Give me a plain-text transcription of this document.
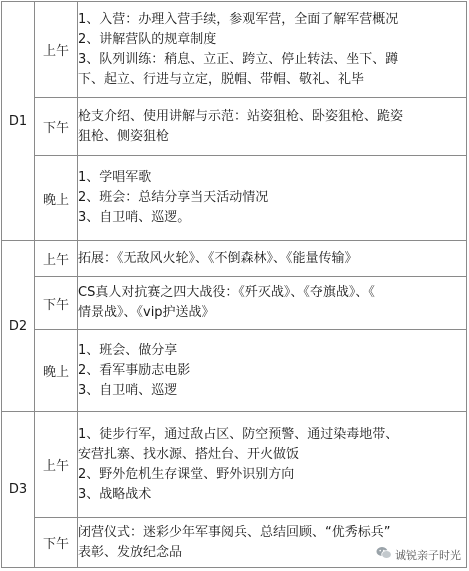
D1	上午	1、入营：办理入营手续，参观军营，全面了解军营概况
2、讲解营队的规章制度
3、队列训练：稍息、立正、跨立、停止转法、坐下、蹲
下、起立、行进与立定，脱帽、带帽、敬礼、礼毕

	下午	枪支介绍、使用讲解与示范：站姿狙枪、卧姿狙枪、跪姿
狙枪、侧姿狙枪

	晚上	1、学唱军歌
2、班会：总结分享当天活动情况
3、自卫哨、巡逻。

D2	上午	拓展：《无敌风火轮》、《不倒森林》、《能量传输》

	下午	CS真人对抗赛之四大战役：《歼灭战》、《夺旗战》、《
情景战》、《vip护送战》

	晚上	1、班会、做分享
2、看军事励志电影
3、自卫哨、巡逻

D3	上午	1、徒步行军，通过敌占区、防空预警、通过染毒地带、
安营扎寨、找水源、搭灶台、开火做饭
2、野外危机生存课堂、野外识别方向
3、战略战术

	下午	闭营仪式：迷彩少年军事阅兵、总结回顾、“优秀标兵”
表彰、发放纪念品	诚锐亲子时光
